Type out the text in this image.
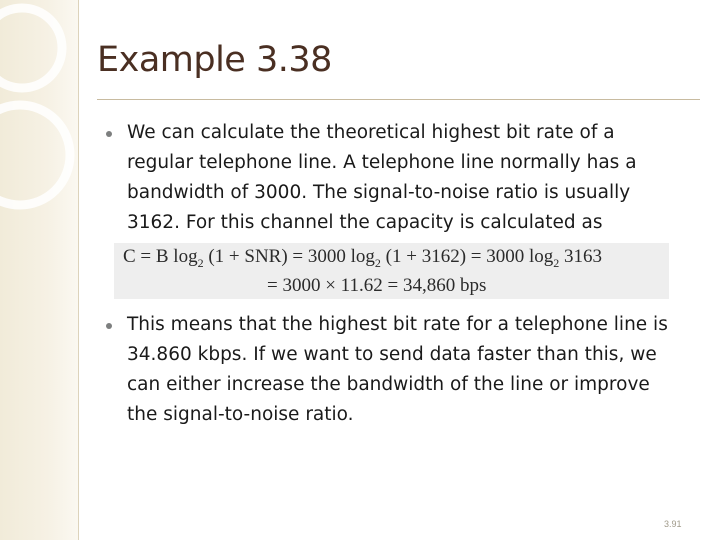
Example 3.38
We can calculate the theoretical highest bit rate of a
regular telephone line. A telephone line normally has a
bandwidth of 3000. The signal-to-noise ratio is usually
3162. For this channel the capacity is calculated as
C = B $\log_2 (1 + SNR) = 3000$ $\log_2 (1 + 3162) = 3000$ $\log_2 3163$
= 3000 × 11.62 = 34,860 bps
This means that the highest bit rate for a telephone line is
34.860 kbps. If we want to send data faster than this, we
can either increase the bandwidth of the line or improve
the signal-to-noise ratio.
3.91
